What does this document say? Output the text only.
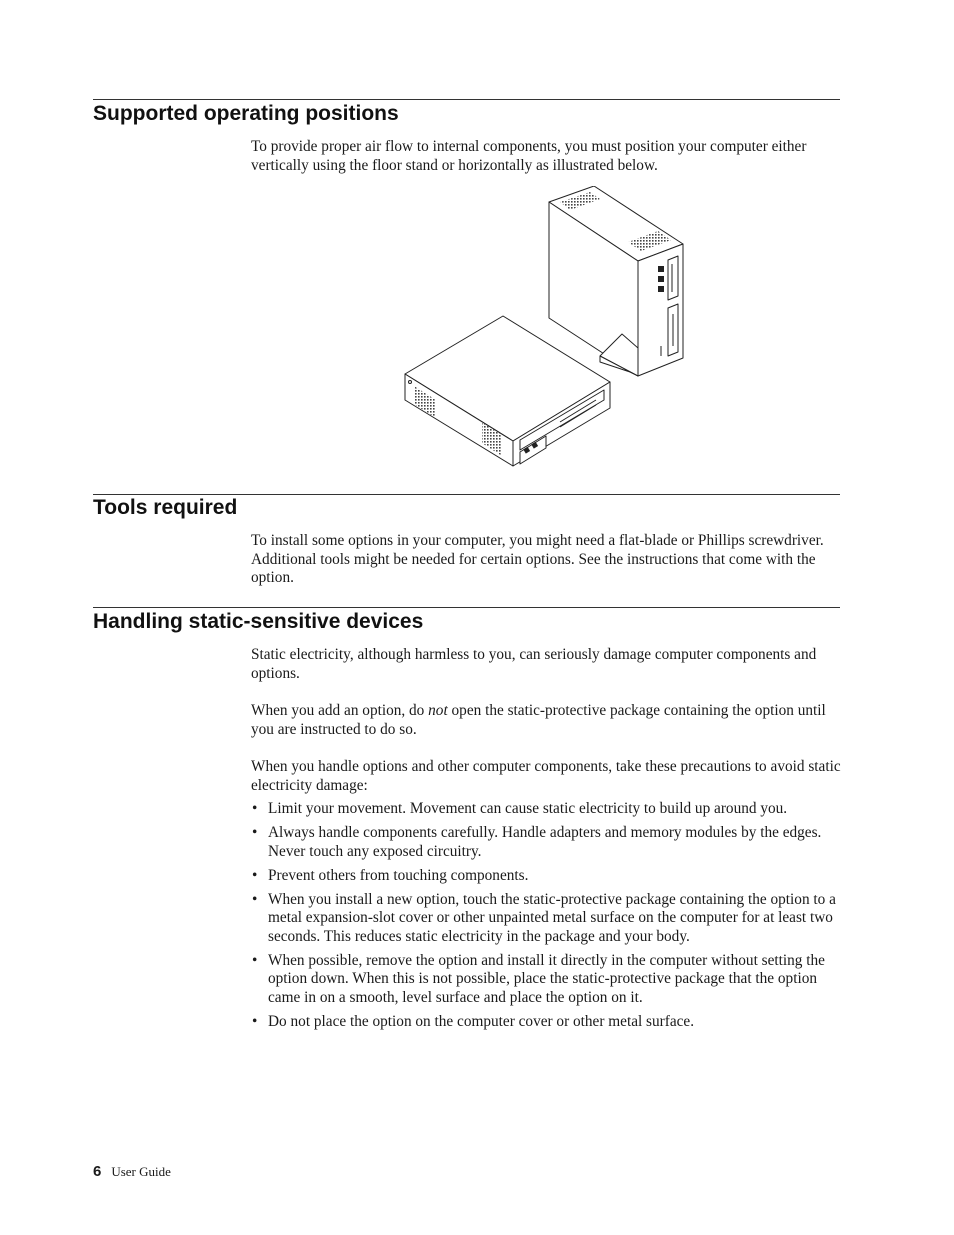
Supported operating positions

To provide proper air flow to internal components, you must position your computer either vertically using the floor stand or horizontally as illustrated below.

Tools required

To install some options in your computer, you might need a flat-blade or Phillips screwdriver. Additional tools might be needed for certain options. See the instructions that come with the option.

Handling static-sensitive devices

Static electricity, although harmless to you, can seriously damage computer components and options.

When you add an option, do not open the static-protective package containing the option until you are instructed to do so.

When you handle options and other computer components, take these precautions to avoid static electricity damage:

• Limit your movement. Movement can cause static electricity to build up around you.
• Always handle components carefully. Handle adapters and memory modules by the edges. Never touch any exposed circuitry.
• Prevent others from touching components.
• When you install a new option, touch the static-protective package containing the option to a metal expansion-slot cover or other unpainted metal surface on the computer for at least two seconds. This reduces static electricity in the package and your body.
• When possible, remove the option and install it directly in the computer without setting the option down. When this is not possible, place the static-protective package that the option came in on a smooth, level surface and place the option on it.
• Do not place the option on the computer cover or other metal surface.
6 User Guide
